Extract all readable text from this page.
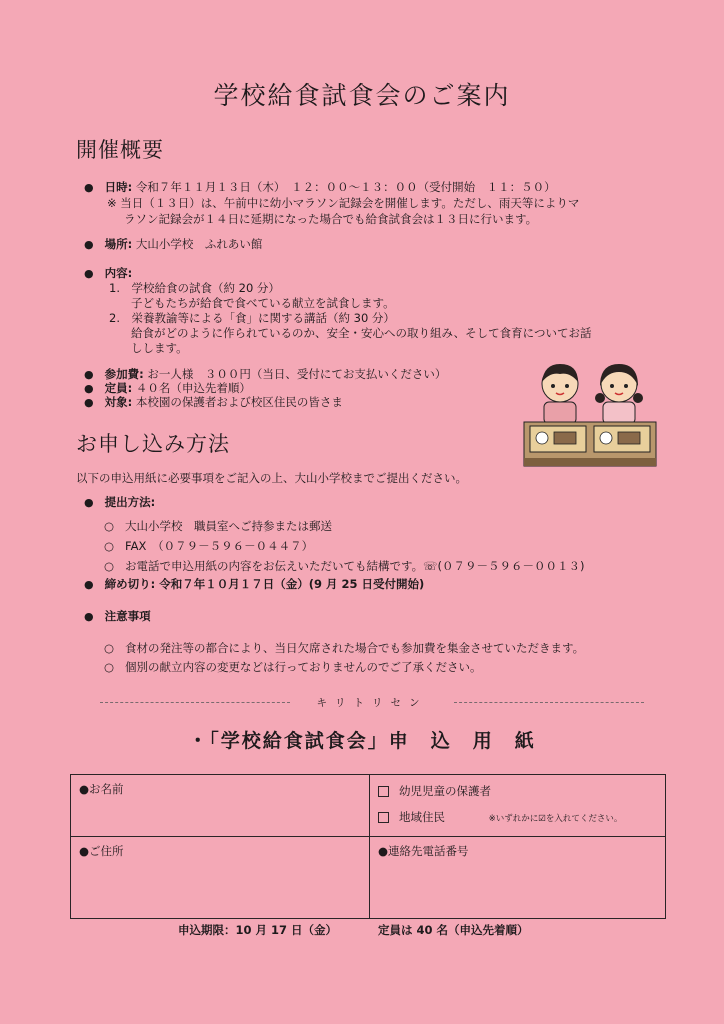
学校給食試食会のご案内
開催概要
● 日時: 令和７年１１月１３日（木）　１２：００〜１３：００（受付開始　１１：５０）
※ 当日（１３日）は、午前中に幼小マラソン記録会を開催します。ただし、雨天等によりマ
ラソン記録会が１４日に延期になった場合でも給食試食会は１３日に行います。
● 場所: 大山小学校　ふれあい館
● 内容:
1.　学校給食の試食（約 20 分）
子どもたちが給食で食べている献立を試食します。
2.　栄養教諭等による「食」に関する講話（約 30 分）
給食がどのように作られているのか、安全・安心への取り組み、そして食育についてお話
しします。
● 参加費: お一人様　３００円（当日、受付にてお支払いください）
● 定員: ４０名（申込先着順）
● 対象: 本校園の保護者および校区住民の皆さま
お申し込み方法
以下の申込用紙に必要事項をご記入の上、大山小学校までご提出ください。
● 提出方法:
○ 大山小学校　職員室へご持参または郵送
○ FAX　（０７９－５９６－０４４７）
○ お電話で申込用紙の内容をお伝えいただいても結構です。☏(０７９－５９６－００１３)
● 締め切り: 令和７年１０月１７日（金）(9 月 25 日受付開始)
● 注意事項
○ 食材の発注等の都合により、当日欠席された場合でも参加費を集金させていただきます。
○ 個別の献立内容の変更などは行っておりませんのでご了承ください。
キリトリセン
・「学校給食試食会」申　込　用　紙
●お名前	幼児児童の保護者
地域住民 ※いずれかに☑を入れてください。

●ご住所	●連絡先電話番号
申込期限：10 月 17 日（金）	定員は 40 名（申込先着順）
